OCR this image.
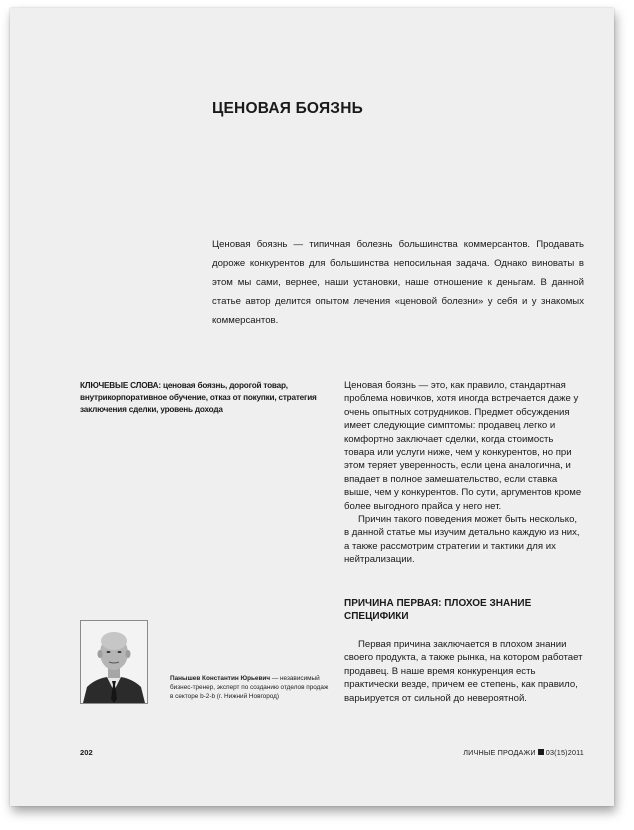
ЦЕНОВАЯ БОЯЗНЬ

Ценовая боязнь — типичная болезнь большинства коммерсантов. Продавать дороже конкурентов для большинства непосильная задача. Однако виноваты в этом мы сами, вернее, наши установки, наше отношение к деньгам. В данной статье автор делится опытом лечения «ценовой болезни» у себя и у знакомых коммерсантов.

КЛЮЧЕВЫЕ СЛОВА: ценовая боязнь, дорогой товар, внутрикорпоративное обучение, отказ от покупки, стратегия заключения сделки, уровень дохода

Ценовая боязнь — это, как правило, стандартная проблема новичков, хотя иногда встречается даже у очень опытных сотрудников. Предмет обсуждения имеет следующие симптомы: продавец легко и комфортно заключает сделки, когда стоимость товара или услуги ниже, чем у конкурентов, но при этом теряет уверенность, если цена аналогична, и впадает в полное замешательство, если ставка выше, чем у конкурентов. По сути, аргументов кроме более выгодного прайса у него нет.

Причин такого поведения может быть несколько, в данной статье мы изучим детально каждую из них, а также рассмотрим стратегии и тактики для их нейтрализации.

ПРИЧИНА ПЕРВАЯ: ПЛОХОЕ ЗНАНИЕ СПЕЦИФИКИ

Первая причина заключается в плохом знании своего продукта, а также рынка, на котором работает продавец. В наше время конкуренция есть практически везде, причем ее степень, как правило, варьируется от сильной до невероятной.

Панышев Константин Юрьевич — независимый бизнес-тренер, эксперт по созданию отделов продаж в секторе b-2-b (г. Нижний Новгород)

202	ЛИЧНЫЕ ПРОДАЖИ 03(15)2011
